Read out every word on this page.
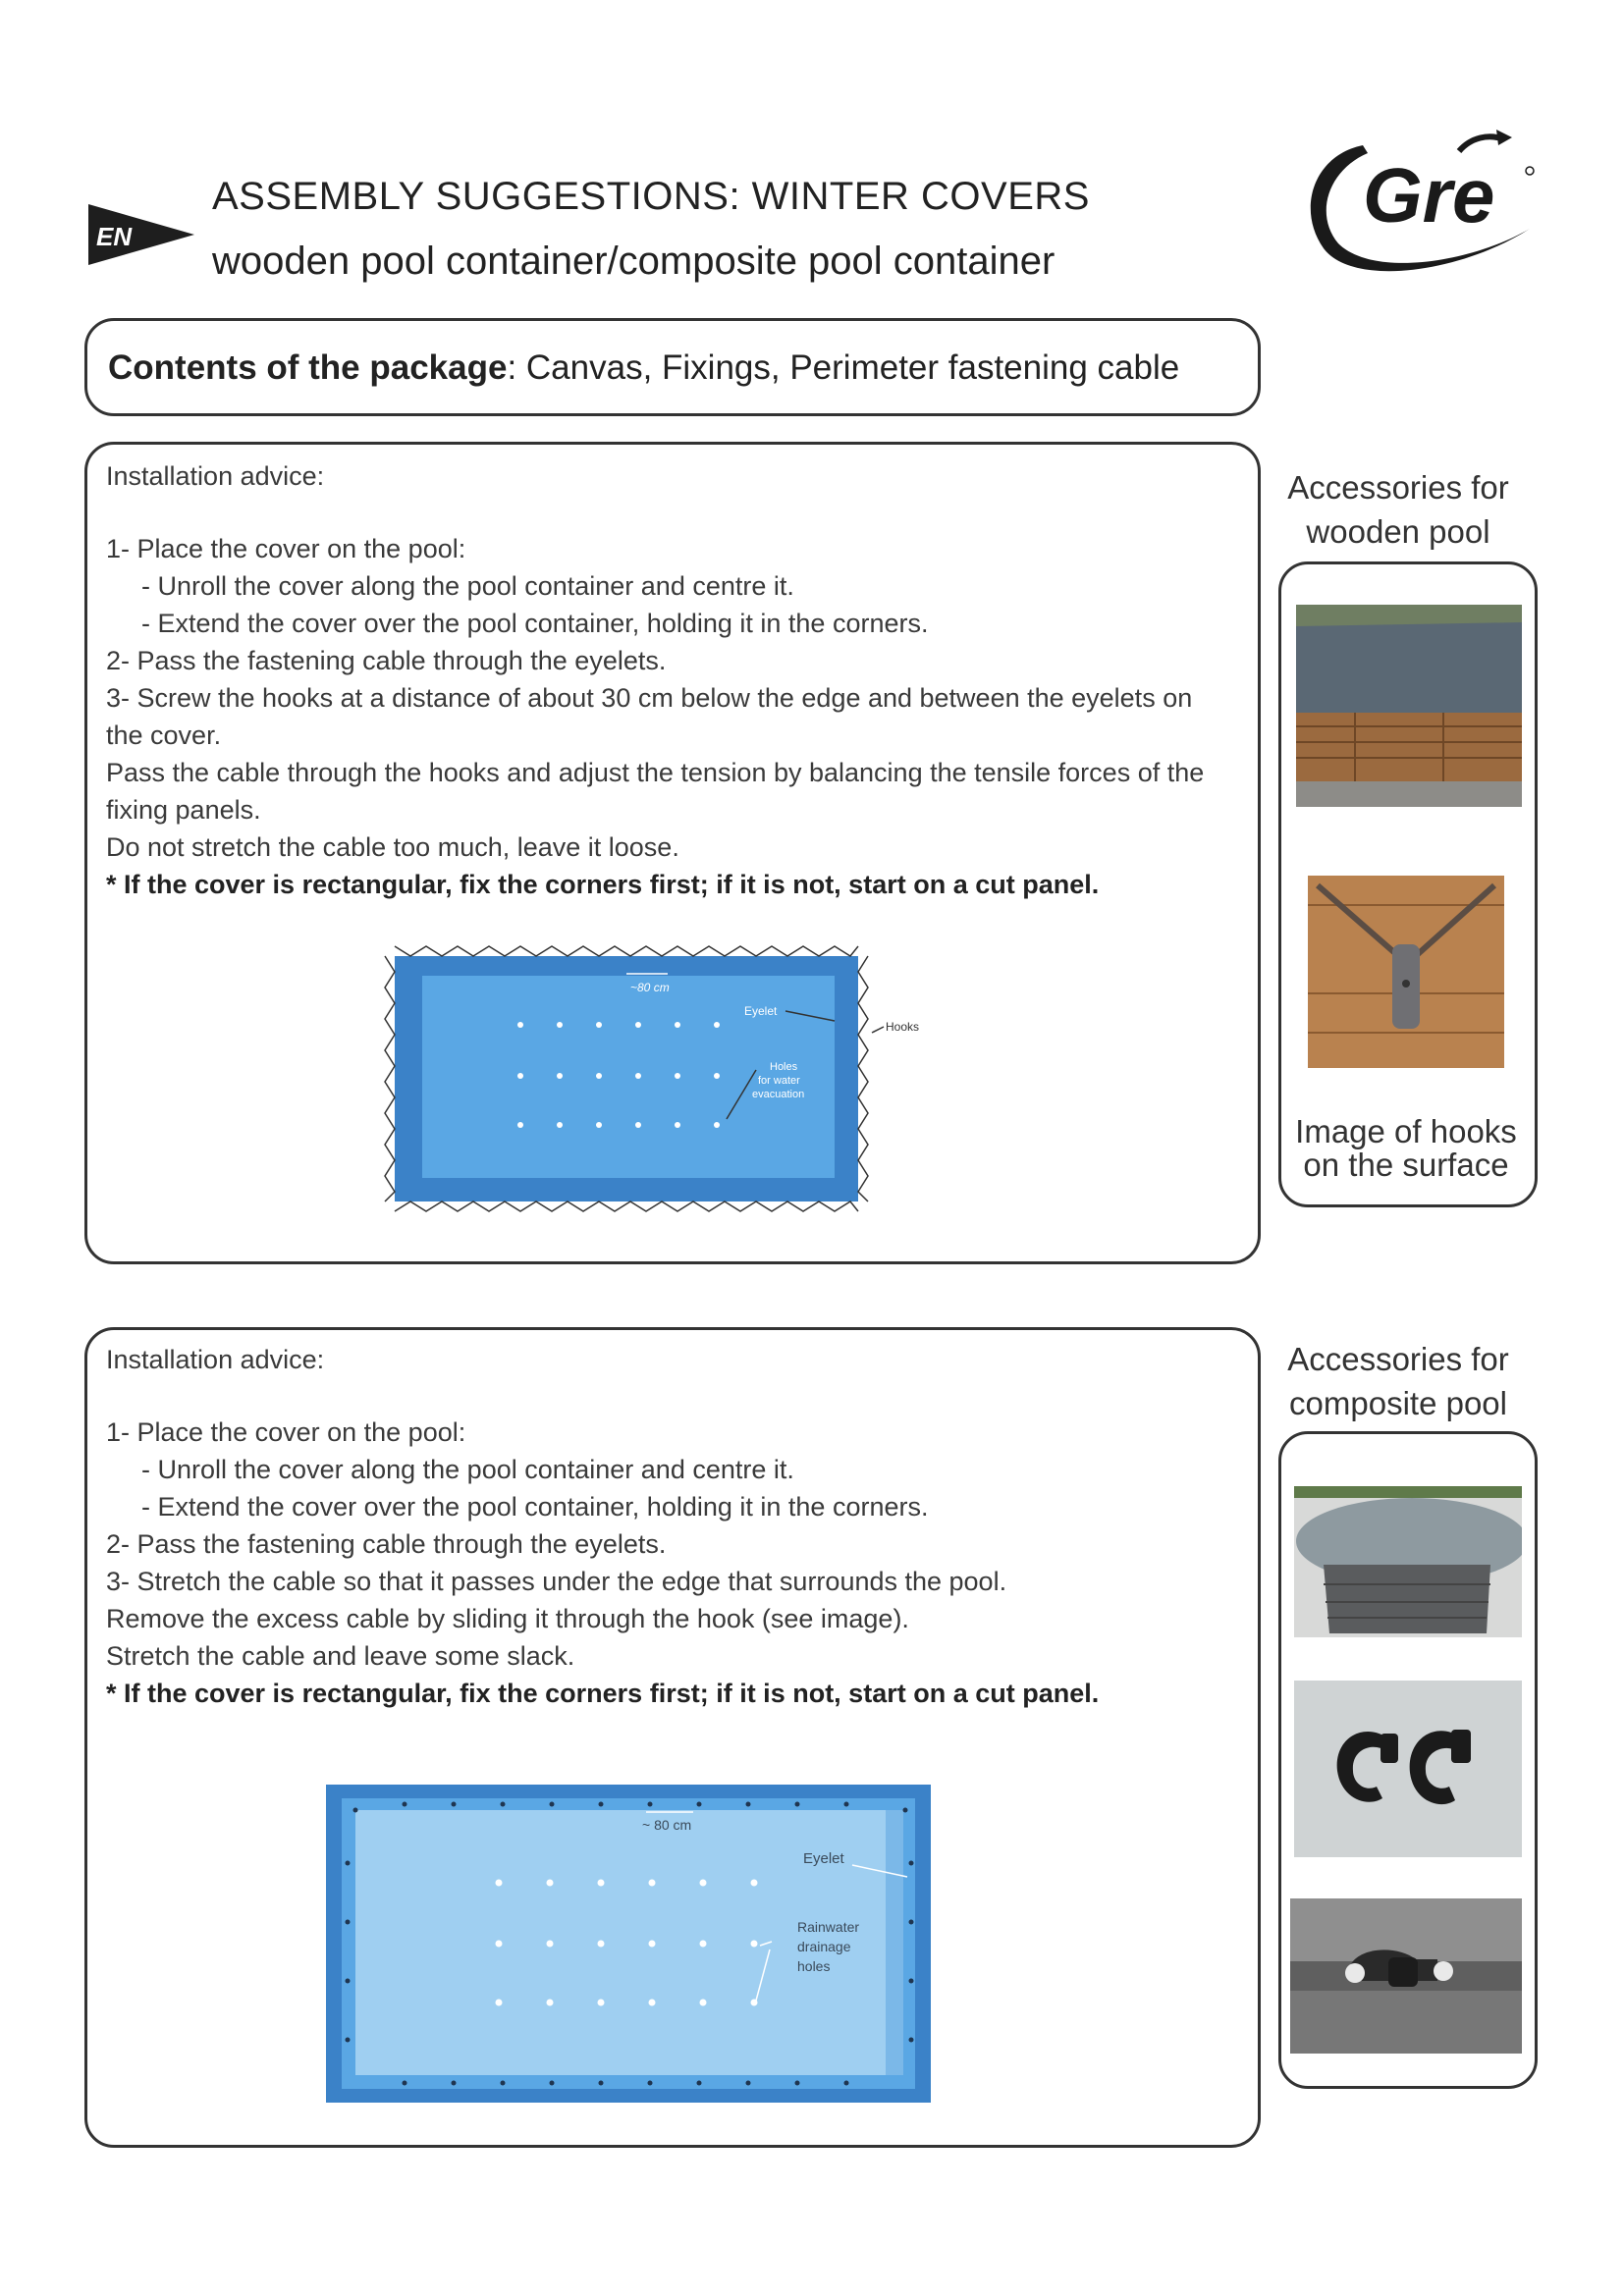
EN
ASSEMBLY SUGGESTIONS: WINTER COVERS
wooden pool container/composite pool container
Gre
Contents of the package: Canvas, Fixings, Perimeter fastening cable
Installation advice:
1- Place the cover on the pool:
- Unroll the cover along the pool container and centre it.
- Extend the cover over the pool container, holding it in the corners.
2- Pass the fastening cable through the eyelets.
3- Screw the hooks at a distance of about 30 cm below the edge and between the eyelets on the cover.
Pass the cable through the hooks and adjust the tension by balancing the tensile forces of the fixing panels.
Do not stretch the cable too much, leave it loose.
* If the cover is rectangular, fix the corners first; if it is not, start on a cut panel.
~80 cm
Eyelet
Hooks
Holes
for water
evacuation
Accessories for
wooden pool
Image of hooks
on the surface
Installation advice:
1- Place the cover on the pool:
- Unroll the cover along the pool container and centre it.
- Extend the cover over the pool container, holding it in the corners.
2- Pass the fastening cable through the eyelets.
3- Stretch the cable so that it passes under the edge that surrounds the pool.
Remove the excess cable by sliding it through the hook (see image).
Stretch the cable and leave some slack.
* If the cover is rectangular, fix the corners first; if it is not, start on a cut panel.
~ 80 cm
Eyelet
Rainwater
drainage
holes
Accessories for
composite pool
